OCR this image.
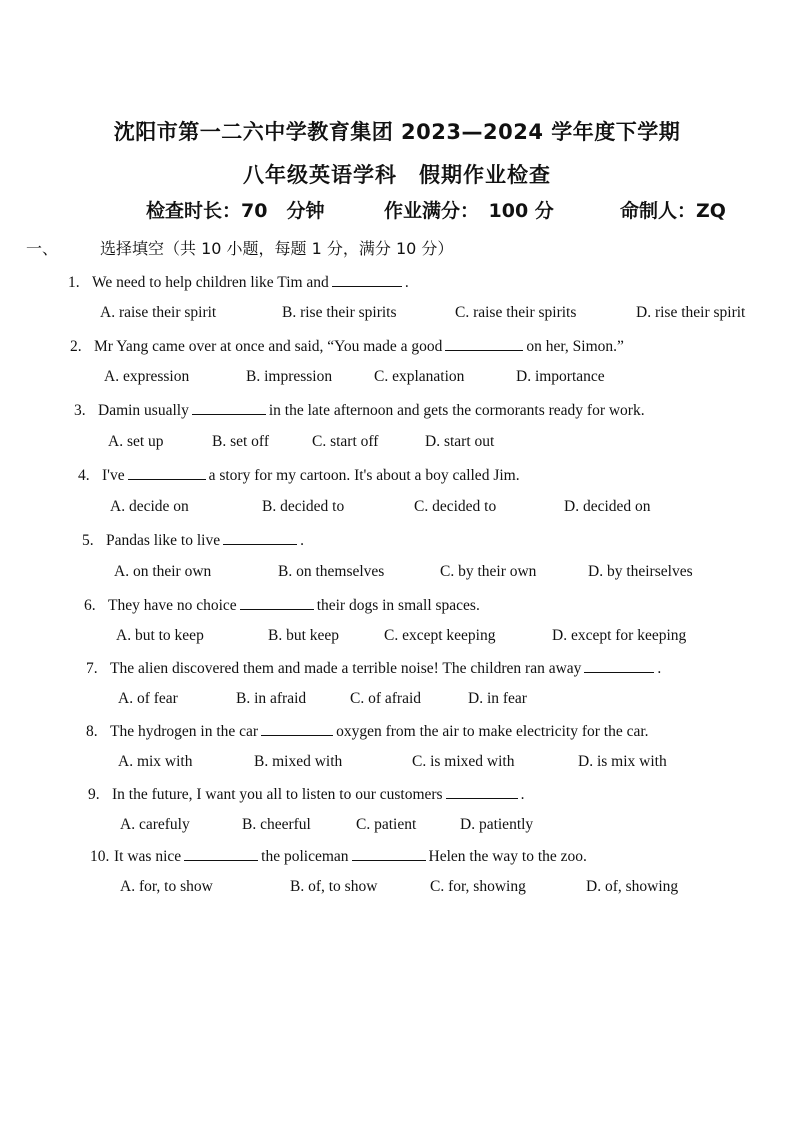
沈阳市第一二六中学教育集团 2023—2024 学年度下学期
八年级英语学科 假期作业检查
检查时长：70　分钟	作业满分：　100 分	命制人：ZQ
一、	选择填空（共 10 小题，每题 1 分，满分 10 分）
1. We need to help children like Tim and	.
A. raise their spirit	B. rise their spirits	C. raise their spirits	D. rise their spirit
2. Mr Yang came over at once and said, “You made a good	on her, Simon.”
A. expression	B. impression	C. explanation	D. importance
3. Damin usually	in the late afternoon and gets the cormorants ready for work.
A. set up	B. set off	C. start off	D. start out
4. I've	a story for my cartoon. It's about a boy called Jim.
A. decide on	B. decided to	C. decided to	D. decided on
5. Pandas like to live	.
A. on their own	B. on themselves	C. by their own	D. by theirselves
6. They have no choice	their dogs in small spaces.
A. but to keep	B. but keep	C. except keeping	D. except for keeping
7. The alien discovered them and made a terrible noise! The children ran away	.
A. of fear	B. in afraid	C. of afraid	D. in fear
8. The hydrogen in the car	oxygen from the air to make electricity for the car.
A. mix with	B. mixed with	C. is mixed with	D. is mix with
9. In the future, I want you all to listen to our customers	.
A. carefuly	B. cheerful	C. patient	D. patiently
10. It was nice	the policeman	Helen the way to the zoo.
A. for, to show	B. of, to show	C. for, showing	D. of, showing
